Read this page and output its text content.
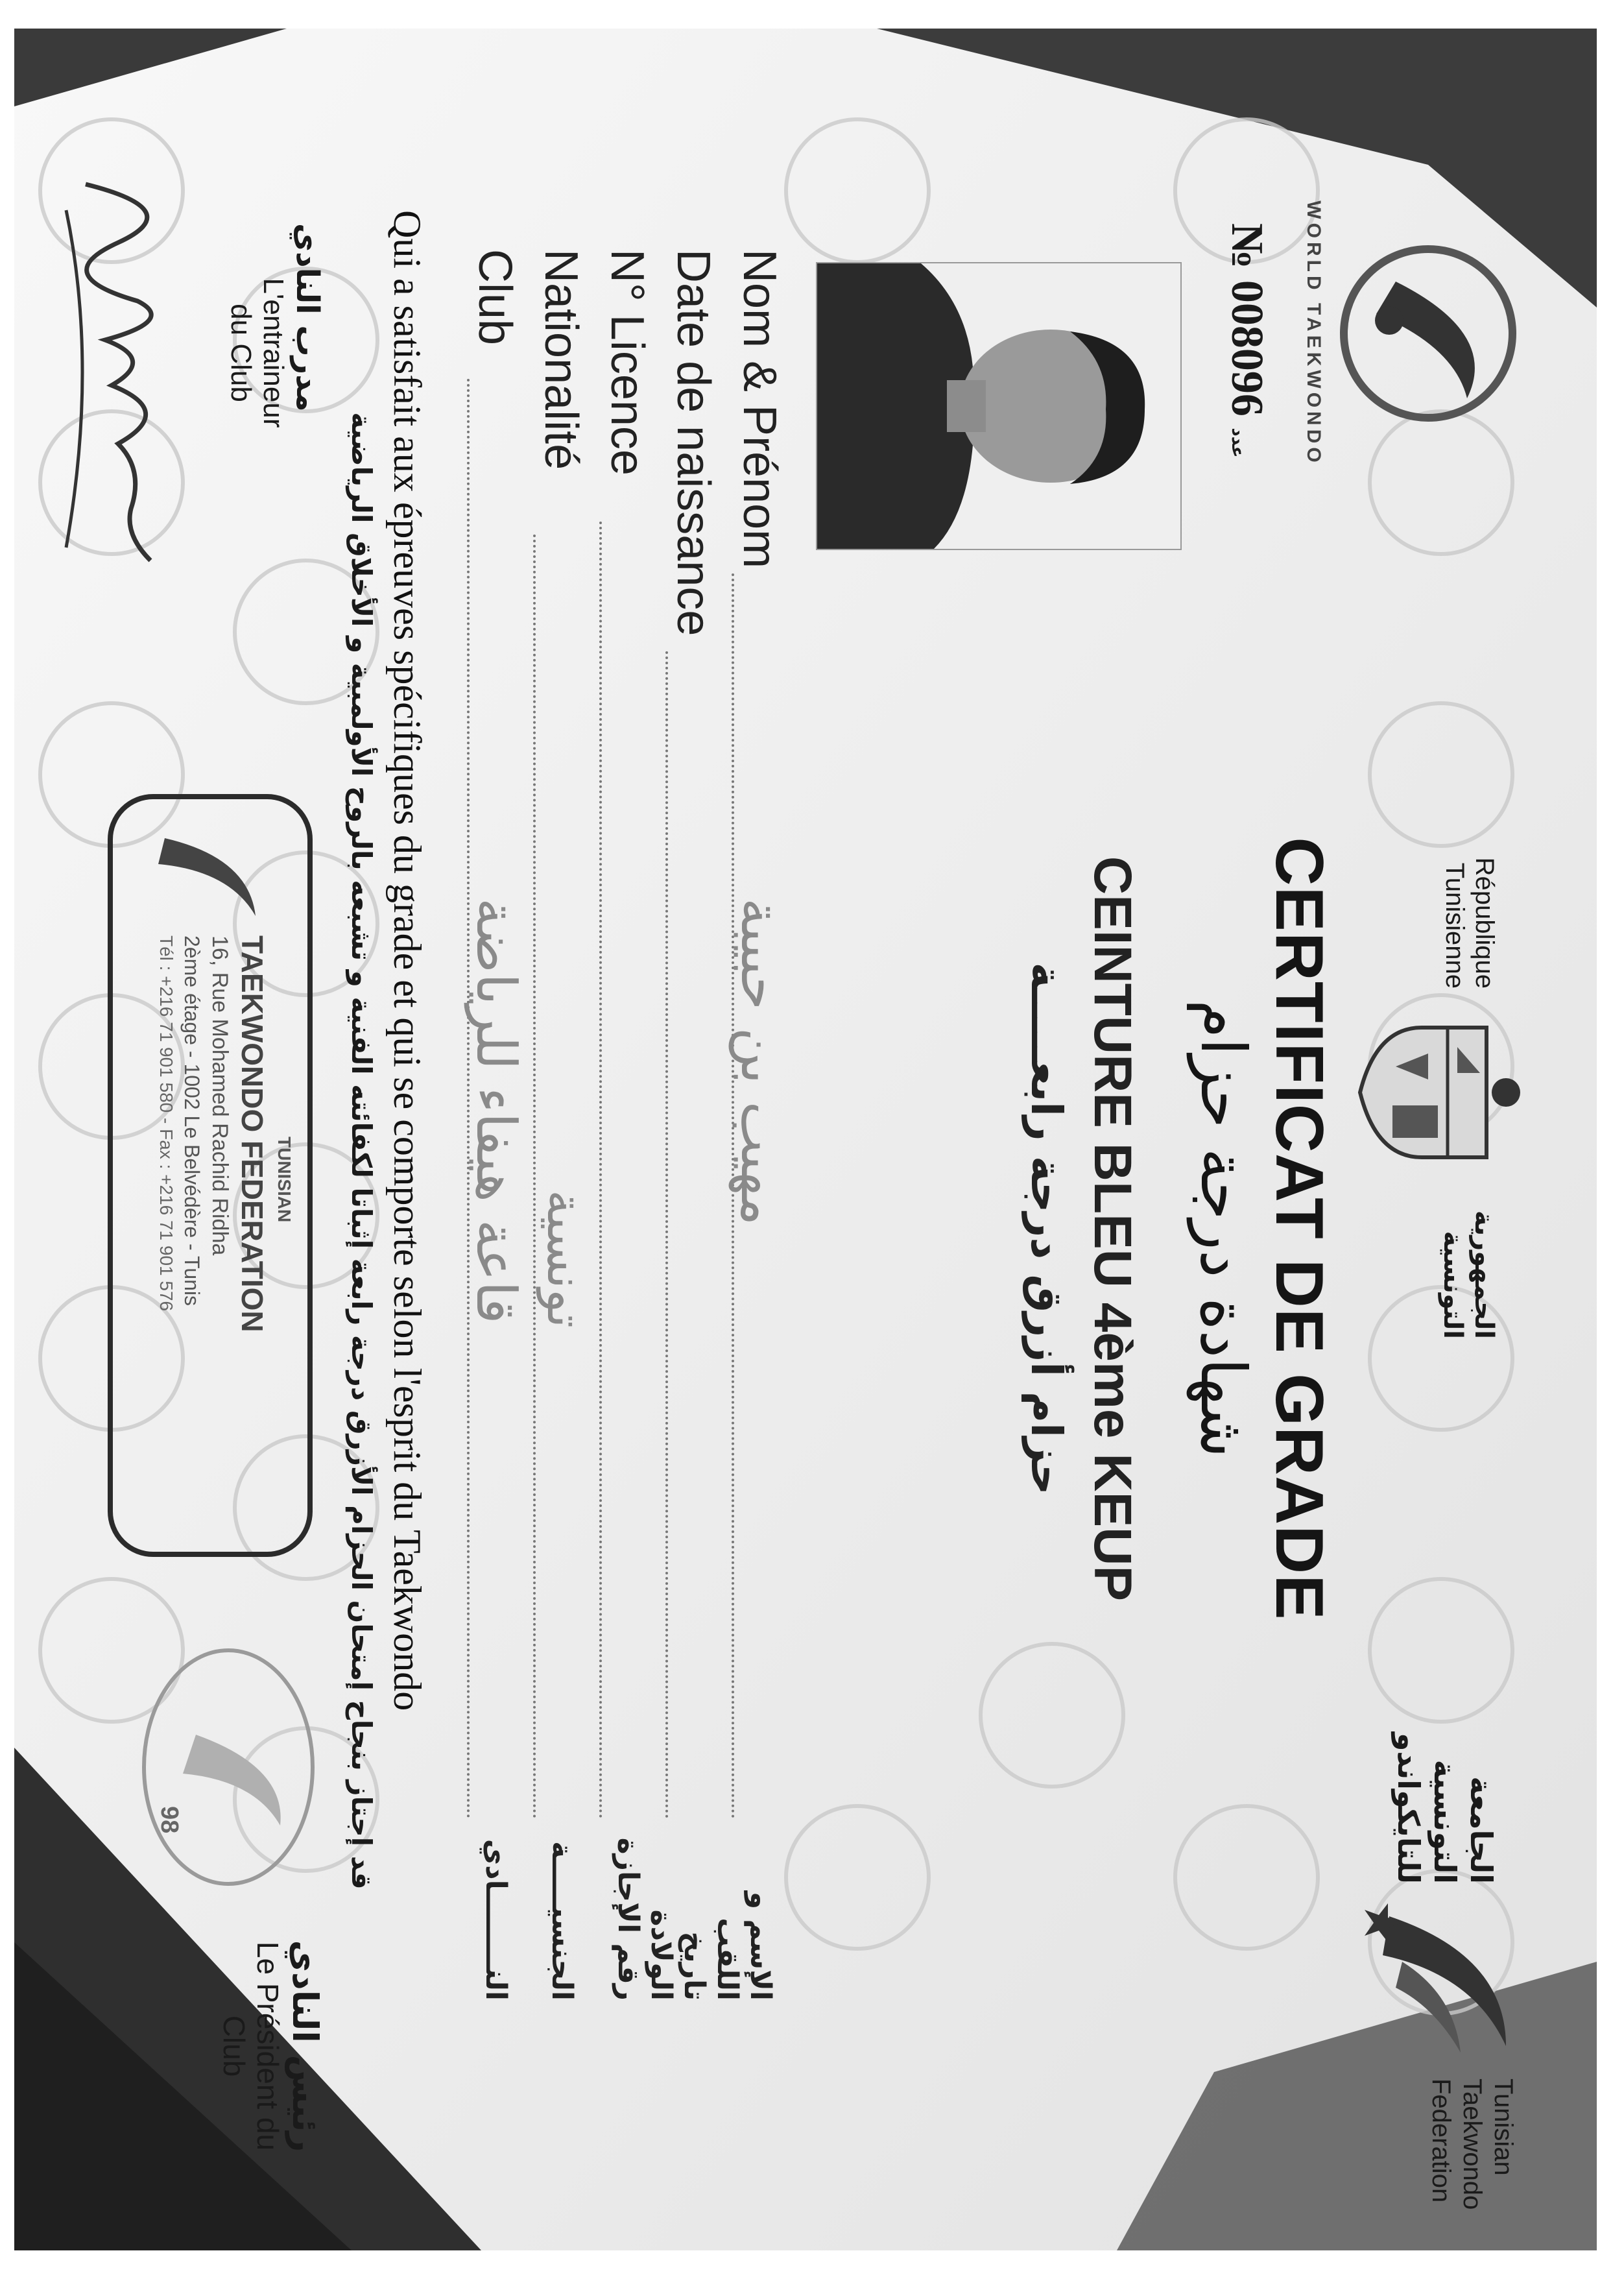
WORLD TAEKWONDO
№ 008096 عدد
République
Tunisienne
الجمهورية
التونسية
الجامعة
التونسية
للتايكواندو
Tunisian
Taekwondo
Federation
CERTIFICAT DE GRADE
شهادة درجة حزام
CEINTURE BLEU 4ème KEUP
حزام أزرق درجة رابعـــــة
Nom & Prénom
مهيب بن حبيبة
الإسم و اللقب
Date de naissance
تاريخ الولادة
N° Licence
رقم الإجازة
Nationalité
تونسية
الجنسيـــــة
Club
قاعة هيفاء للرياضة
النــــــــادي
Qui a satisfait aux épreuves spécifiques du grade et qui se comporte selon l'esprit du Taekwondo
قد إجتاز بنجاح إمتحان الحزام الأزرق درجة رابعة إثباتا لكفائته الفنية و تشبعه بالروح الأولمبية و الأخلاق الرياضية
مدرب النادي
L'entraineur
du Club
TUNISIAN
TAEKWONDO FEDERATION
16, Rue Mohamed Rachid Ridha
2ème étage - 1002 Le Belvédère - Tunis
Tél : +216 71 901 580 - Fax : +216 71 901 576
98
رئيس النادي
Le Président du
Club
